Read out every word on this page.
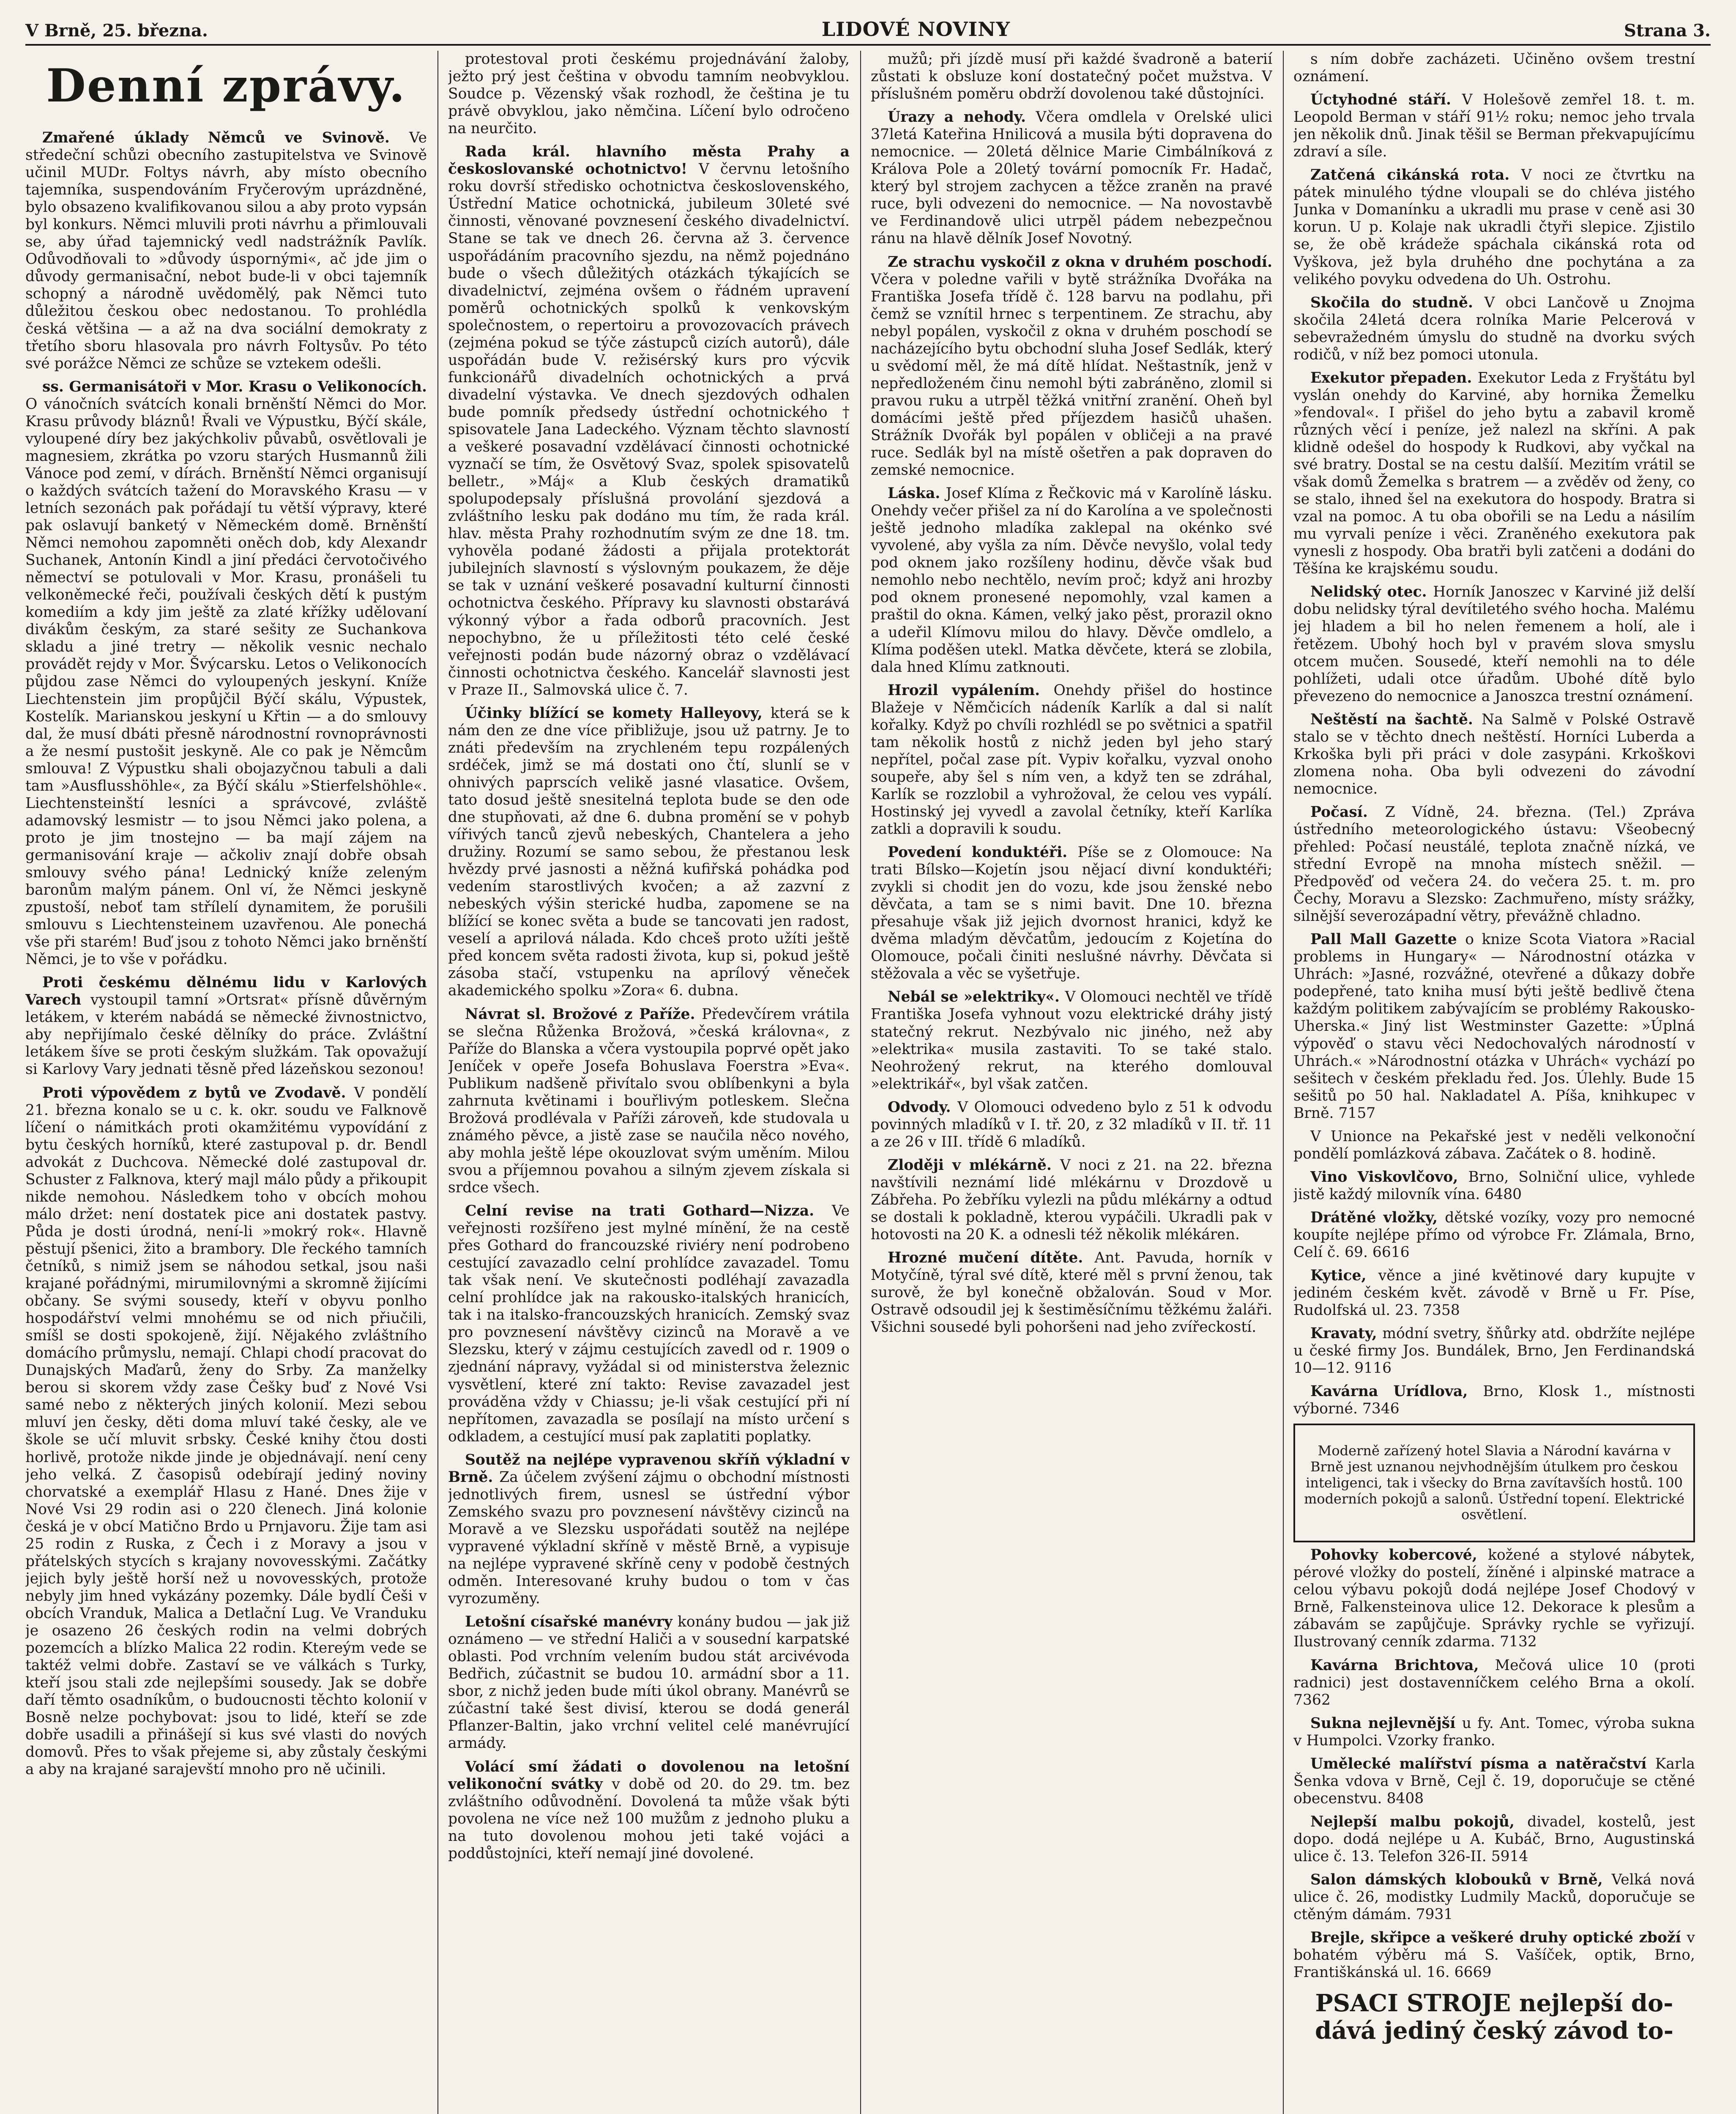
V Brně, 25. března.	LIDOVÉ NOVINY	Strana 3.
Denní zprávy.

Zmařené úklady Němců ve Svinově. Ve středeční schůzi obecního zastupitelstva ve Svinově učinil MUDr. Foltys návrh, aby místo obecního tajemníka, suspendováním Fryčerovým uprázdněné, bylo obsazeno kvalifikovanou silou a aby proto vypsán byl konkurs. Němci mluvili proti návrhu a přimlouvali se, aby úřad tajemnický vedl nadstrážník Pavlík. Odůvodňovali to »důvody úspornými«, ač jde jim o důvody germanisační, nebot bude-li v obci tajemník schopný a národně uvědomělý, pak Němci tuto důležitou českou obec nedostanou. To prohlédla česká většina — a až na dva sociální demokraty z třetího sboru hlasovala pro návrh Foltysův. Po této své porážce Němci ze schůze se vztekem odešli.

ss. Germanisátoři v Mor. Krasu o Velikonocích. O vánočních svátcích konali brněnští Němci do Mor. Krasu průvody bláznů! Řvali ve Výpustku, Býčí skále, vyloupené díry bez jakýchkoliv půvabů, osvětlovali je magnesiem, zkrátka po vzoru starých Husmannů žili Vánoce pod zemí, v dírách. Brněnští Němci organisují o každých svátcích tažení do Moravského Krasu — v letních sezonách pak pořádají tu větší výpravy, které pak oslavují banketý v Německém domě. Brněnští Němci nemohou zapomněti oněch dob, kdy Alexandr Suchanek, Antonín Kindl a jiní předáci červotočivého němectví se potulovali v Mor. Krasu, pronášeli tu velkoněmecké řeči, používali českých dětí k pustým komediím a kdy jim ještě za zlaté křížky udělovaní divákům českým, za staré sešity ze Suchankova skladu a jiné tretry — několik vesnic nechalo provádět rejdy v Mor. Švýcarsku. Letos o Velikonocích půjdou zase Němci do vyloupených jeskyní. Kníže Liechtenstein jim propůjčil Býčí skálu, Výpustek, Kostelík. Marianskou jeskyní u Křtin — a do smlouvy dal, že musí dbáti přesně národnostní rovnoprávnosti a že nesmí pustošit jeskyně. Ale co pak je Němcům smlouva! Z Výpustku shali obojazyčnou tabuli a dali tam »Ausflusshöhle«, za Býčí skálu »Stierfelshöhle«. Liechtensteinští lesníci a správcové, zvláště adamovský lesmistr — to jsou Němci jako polena, a proto je jim tnostejno — ba mají zájem na germanisování kraje — ačkoliv znají dobře obsah smlouvy svého pána! Lednický kníže zeleným baronům malým pánem. Onl ví, že Němci jeskyně zpustoší, neboť tam střílelí dynamitem, že porušili smlouvu s Liechtensteinem uzavřenou. Ale ponechá vše při starém! Buď jsou z tohoto Němci jako brněnští Němci, je to vše v pořádku.

Proti českému dělnému lidu v Karlových Varech vystoupil tamní »Ortsrat« přísně důvěrným letákem, v kterém nabádá se německé živnostnictvo, aby nepřijímalo české dělníky do práce. Zvláštní letákem šíve se proti českým služkám. Tak opovažují si Karlovy Vary jednati těsně před lázeňskou sezonou!

Proti výpovědem z bytů ve Zvodavě. V pondělí 21. března konalo se u c. k. okr. soudu ve Falknově líčení o námitkách proti okamžitému vypovídání z bytu českých horníků, které zastupoval p. dr. Bendl advokát z Duchcova. Německé dolé zastupoval dr. Schuster z Falknova, který majl málo půdy a přikoupit nikde nemohou. Následkem toho v obcích mohou málo držet: není dostatek pice ani dostatek pastvy. Půda je dosti úrodná, není-li »mokrý rok«. Hlavně pěstují pšenici, žito a brambory. Dle řeckého tamních četníků, s nimiž jsem se náhodou setkal, jsou naši krajané pořádnými, mirumilovnými a skromně žijícími občany. Se svými sousedy, kteří v obyvu ponlho hospodářství velmi mnohému se od nich přiučili, smíšl se dosti spokojeně, žijí. Nějakého zvláštního domácího průmyslu, nemají. Chlapi chodí pracovat do Dunajských Maďarů, ženy do Srby. Za manželky berou si skorem vždy zase Češky buď z Nové Vsi samé nebo z některých jiných kolonií. Mezi sebou mluví jen česky, děti doma mluví také česky, ale ve škole se učí mluvit srbsky. České knihy čtou dosti horlivě, protože nikde jinde je objednávají. není ceny jeho velká. Z časopisů odebírají jediný noviny chorvatské a exemplář Hlasu z Hané. Dnes žije v Nové Vsi 29 rodin asi o 220 členech. Jiná kolonie česká je v obcí Matično Brdo u Prnjavoru. Žije tam asi 25 rodin z Ruska, z Čech i z Moravy a jsou v přátelských stycích s krajany novovesskými. Začátky jejich byly ještě horší než u novovesských, protože nebyly jim hned vykázány pozemky. Dále bydlí Češi v obcích Vranduk, Malica a Detlační Lug. Ve Vranduku je osazeno 26 českých rodin na velmi dobrých pozemcích a blízko Malica 22 rodin. Ktereým vede se taktéž velmi dobře. Zastaví se ve válkách s Turky, kteří jsou stali zde nejlepšími sousedy. Jak se dobře daří těmto osadníkům, o budoucnosti těchto kolonií v Bosně nelze pochybovat: jsou to lidé, kteří se zde dobře usadili a přinášejí si kus své vlasti do nových domovů. Přes to však přejeme si, aby zůstaly českými a aby na krajané sarajevští mnoho pro ně učinili.

protestoval proti českému projednávání žaloby, ježto prý jest čeština v obvodu tamním neobvyklou. Soudce p. Vězenský však rozhodl, že čeština je tu právě obvyklou, jako němčina. Líčení bylo odročeno na neurčito.

Rada král. hlavního města Prahy a českoslovanské ochotnictvo! V červnu letošního roku dovrší středisko ochotnictva československého, Ústřední Matice ochotnická, jubileum 30leté své činnosti, věnované povznesení českého divadelnictví. Stane se tak ve dnech 26. června až 3. července uspořádáním pracovního sjezdu, na němž pojednáno bude o všech důležitých otázkách týkajících se divadelnictví, zejména ovšem o řádném upravení poměrů ochotnických spolků k venkovským společnostem, o repertoiru a provozovacích právech (zejména pokud se týče zástupců cizích autorů), dále uspořádán bude V. režisérský kurs pro výcvik funkcionářů divadelních ochotnických a prvá divadelní výstavka. Ve dnech sjezdových odhalen bude pomník předsedy ústřední ochotnického † spisovatele Jana Ladeckého. Význam těchto slavností a veškeré posavadní vzdělávací činnosti ochotnické vyznačí se tím, že Osvětový Svaz, spolek spisovatelů belletr., »Máj« a Klub českých dramatiků spolupodepsaly příslušná provolání sjezdová a zvláštního lesku pak dodáno mu tím, že rada král. hlav. města Prahy rozhodnutím svým ze dne 18. tm. vyhověla podané žádosti a přijala protektorát jubilejních slavností s výslovným poukazem, že děje se tak v uznání veškeré posavadní kulturní činnosti ochotnictva českého. Přípravy ku slavnosti obstarává výkonný výbor a řada odborů pracovních. Jest nepochybno, že u příležitosti této celé české veřejnosti podán bude názorný obraz o vzdělávací činnosti ochotnictva českého. Kancelář slavnosti jest v Praze II., Salmovská ulice č. 7.

Účinky blížící se komety Halleyovy, která se k nám den ze dne více přibližuje, jsou už patrny. Je to znáti především na zrychleném tepu rozpálených srdéček, jimž se má dostati ono čtí, slunlí se v ohnivých paprscích velikě jasné vlasatice. Ovšem, tato dosud ještě snesitelná teplota bude se den ode dne stupňovati, až dne 6. dubna promění se v pohyb vířivých tanců zjevů nebeských, Chantelera a jeho družiny. Rozumí se samo sebou, že přestanou lesk hvězdy prvé jasnosti a něžná kufiřská pohádka pod vedením starostlivých kvočen; a až zazvní z nebeských výšin sterické hudba, zapomene se na blížící se konec světa a bude se tancovati jen radost, veselí a aprilová nálada. Kdo chceš proto užíti ještě před koncem světa radosti života, kup si, pokud ještě zásoba stačí, vstupenku na aprílový věneček akademického spolku »Zora« 6. dubna.

Návrat sl. Brožové z Paříže. Předevčírem vrátila se slečna Růženka Brožová, »česká královna«, z Paříže do Blanska a včera vystoupila poprvé opět jako Jeníček v opeře Josefa Bohuslava Foerstra »Eva«. Publikum nadšeně přivítalo svou oblíbenkyni a byla zahrnuta květinami i bouřlivým potleskem. Slečna Brožová prodlévala v Paříži zároveň, kde studovala u známého pěvce, a jistě zase se naučila něco nového, aby mohla ještě lépe okouzlovat svým uměním. Milou svou a příjemnou povahou a silným zjevem získala si srdce všech.

Celní revise na trati Gothard—Nizza. Ve veřejnosti rozšířeno jest mylné mínění, že na cestě přes Gothard do francouzské riviéry není podrobeno cestující zavazadlo celní prohlídce zavazadel. Tomu tak však není. Ve skutečnosti podléhají zavazadla celní prohlídce jak na rakousko-italských hranicích, tak i na italsko-francouzských hranicích. Zemský svaz pro povznesení návštěvy cizinců na Moravě a ve Slezsku, který v zájmu cestujících zavedl od r. 1909 o zjednání nápravy, vyžádal si od ministerstva železnic vysvětlení, které zní takto: Revise zavazadel jest prováděna vždy v Chiassu; je-li však cestující při ní nepřítomen, zavazadla se posílají na místo určení s odkladem, a cestující musí pak zaplatiti poplatky.

Soutěž na nejlépe vypravenou skříň výkladní v Brně. Za účelem zvýšení zájmu o obchodní místnosti jednotlivých firem, usnesl se ústřední výbor Zemského svazu pro povznesení návštěvy cizinců na Moravě a ve Slezsku uspořádati soutěž na nejlépe vypravené výkladní skříně v městě Brně, a vypisuje na nejlépe vypravené skříně ceny v podobě čestných odměn. Interesované kruhy budou o tom v čas vyrozuměny.

Letošní císařské manévry konány budou — jak již oznámeno — ve střední Haliči a v sousední karpatské oblasti. Pod vrchním velením budou stát arcivévoda Bedřich, zúčastnit se budou 10. armádní sbor a 11. sbor, z nichž jeden bude míti úkol obrany. Manévrů se zúčastní také šest divisí, kterou se dodá generál Pflanzer-Baltin, jako vrchní velitel celé manévrující armády.

Volácí smí žádati o dovolenou na letošní velikonoční svátky v době od 20. do 29. tm. bez zvláštního odůvodnění. Dovolená ta může však býti povolena ne více než 100 mužům z jednoho pluku a na tuto dovolenou mohou jeti také vojáci a poddůstojníci, kteří nemají jiné dovolené.

mužů; při jízdě musí při každé švadroně a baterií zůstati k obsluze koní dostatečný počet mužstva. V příslušném poměru obdrží dovolenou také důstojníci.

Úrazy a nehody. Včera omdlela v Orelské ulici 37letá Kateřina Hnilicová a musila býti dopravena do nemocnice. — 20letá dělnice Marie Cimbálníková z Králova Pole a 20letý tovární pomocník Fr. Hadač, který byl strojem zachycen a těžce zraněn na pravé ruce, byli odvezeni do nemocnice. — Na novostavbě ve Ferdinandově ulici utrpěl pádem nebezpečnou ránu na hlavě dělník Josef Novotný.

Ze strachu vyskočil z okna v druhém poschodí. Včera v poledne vařili v bytě strážníka Dvořáka na Františka Josefa třídě č. 128 barvu na podlahu, při čemž se vznítil hrnec s terpentinem. Ze strachu, aby nebyl popálen, vyskočil z okna v druhém poschodí se nacházejícího bytu obchodní sluha Josef Sedlák, který u svědomí měl, že má dítě hlídat. Neštastník, jenž v nepředloženém činu nemohl býti zabráněno, zlomil si pravou ruku a utrpěl těžká vnitřní zranění. Oheň byl domácími ještě před příjezdem hasičů uhašen. Strážník Dvořák byl popálen v obličeji a na pravé ruce. Sedlák byl na místě ošetřen a pak dopraven do zemské nemocnice.

Láska. Josef Klíma z Řečkovic má v Karolíně lásku. Onehdy večer přišel za ní do Karolína a ve společnosti ještě jednoho mladíka zaklepal na okénko své vyvolené, aby vyšla za ním. Děvče nevyšlo, volal tedy pod oknem jako rozšíleny hodinu, děvče však bud nemohlo nebo nechtělo, nevím proč; když ani hrozby pod oknem pronesené nepomohly, vzal kamen a praštil do okna. Kámen, velký jako pěst, prorazil okno a udeřil Klímovu milou do hlavy. Děvče omdlelo, a Klíma poděšen utekl. Matka děvčete, která se zlobila, dala hned Klímu zatknouti.

Hrozil vypálením. Onehdy přišel do hostince Blažeje v Němčicích nádeník Karlík a dal si nalít kořalky. Když po chvíli rozhlédl se po světnici a spatřil tam několik hostů z nichž jeden byl jeho starý nepřítel, počal zase pít. Vypiv kořalku, vyzval onoho soupeře, aby šel s ním ven, a když ten se zdráhal, Karlík se rozzlobil a vyhrožoval, že celou ves vypálí. Hostinský jej vyvedl a zavolal četníky, kteří Karlíka zatkli a dopravili k soudu.

Povedení konduktéři. Píše se z Olomouce: Na trati Bílsko—Kojetín jsou nějací divní konduktéři; zvykli si chodit jen do vozu, kde jsou ženské nebo děvčata, a tam se s nimi bavit. Dne 10. března přesahuje však již jejich dvornost hranici, když ke dvěma mladým děvčatům, jedoucím z Kojetína do Olomouce, počali činiti neslušné návrhy. Děvčata si stěžovala a věc se vyšetřuje.

Nebál se »elektriky«. V Olomouci nechtěl ve třídě Františka Josefa vyhnout vozu elektrické dráhy jistý statečný rekrut. Nezbývalo nic jiného, než aby »elektrika« musila zastaviti. To se také stalo. Neohrožený rekrut, na kterého domlouval »elektrikář«, byl však zatčen.

Odvody. V Olomouci odvedeno bylo z 51 k odvodu povinných mladíků v I. tř. 20, z 32 mladíků v II. tř. 11 a ze 26 v III. třídě 6 mladíků.

Zloději v mlékárně. V noci z 21. na 22. března navštívili neznámí lidé mlékárnu v Drozdově u Zábřeha. Po žebříku vylezli na půdu mlékárny a odtud se dostali k pokladně, kterou vypáčili. Ukradli pak v hotovosti na 20 K. a odnesli též několik mlékáren.

Hrozné mučení dítěte. Ant. Pavuda, horník v Motyčíně, týral své dítě, které měl s první ženou, tak surově, že byl konečně obžalován. Soud v Mor. Ostravě odsoudil jej k šestiměsíčnímu těžkému žaláři. Všichni sousedé byli pohoršeni nad jeho zvířeckostí.

s ním dobře zacházeti. Učiněno ovšem trestní oznámení.

Úctyhodné stáří. V Holešově zemřel 18. t. m. Leopold Berman v stáří 91½ roku; nemoc jeho trvala jen několik dnů. Jinak těšil se Berman překvapujícímu zdraví a síle.

Zatčená cikánská rota. V noci ze čtvrtku na pátek minulého týdne vloupali se do chléva jistého Junka v Domanínku a ukradli mu prase v ceně asi 30 korun. U p. Kolaje nak ukradli čtyři slepice. Zjistilo se, že obě krádeže spáchala cikánská rota od Vyškova, jež byla druhého dne pochytána a za velikého povyku odvedena do Uh. Ostrohu.

Skočila do studně. V obci Lančově u Znojma skočila 24letá dcera rolníka Marie Pelcerová v sebevražedném úmyslu do studně na dvorku svých rodičů, v níž bez pomoci utonula.

Exekutor přepaden. Exekutor Leda z Fryštátu byl vyslán onehdy do Karviné, aby hornika Žemelku »fendoval«. I přišel do jeho bytu a zabavil kromě různých věcí i peníze, jež nalezl na skříni. A pak klidně odešel do hospody k Rudkovi, aby vyčkal na své bratry. Dostal se na cestu dalšíí. Mezitím vrátil se však domů Žemelka s bratrem — a zvěděv od ženy, co se stalo, ihned šel na exekutora do hospody. Bratra si vzal na pomoc. A tu oba obořili se na Ledu a násilím mu vyrvali peníze i věci. Zraněného exekutora pak vynesli z hospody. Oba bratři byli zatčeni a dodáni do Těšína ke krajskému soudu.

Nelidský otec. Horník Janoszec v Karviné již delší dobu nelidsky týral devítiletého svého hocha. Malému jej hladem a bil ho nelen řemenem a holí, ale i řetězem. Ubohý hoch byl v pravém slova smyslu otcem mučen. Sousedé, kteří nemohli na to déle pohlížeti, udali otce úřadům. Ubohé dítě bylo převezeno do nemocnice a Janoszca trestní oznámení.

Neštěstí na šachtě. Na Salmě v Polské Ostravě stalo se v těchto dnech neštěstí. Horníci Luberda a Krkoška byli při práci v dole zasypáni. Krkoškovi zlomena noha. Oba byli odvezeni do závodní nemocnice.

Počasí. Z Vídně, 24. března. (Tel.) Zpráva ústředního meteorologického ústavu: Všeobecný přehled: Počasí neustálé, teplota značně nízká, ve střední Evropě na mnoha místech sněžil. — Předpověď od večera 24. do večera 25. t. m. pro Čechy, Moravu a Slezsko: Zachmuřeno, místy srážky, silnější severozápadní větry, převážně chladno.

Pall Mall Gazette o knize Scota Viatora »Racial problems in Hungary« — Národnostní otázka v Uhrách: »Jasné, rozvážné, otevřené a důkazy dobře podepřené, tato kniha musí býti ještě bedlivě čtena každým politikem zabývajícím se problémy Rakousko-Uherska.« Jiný list Westminster Gazette: »Úplná výpověď o stavu věci Nedochovalých národností v Uhrách.« »Národnostní otázka v Uhrách« vychází po sešitech v českém překladu řed. Jos. Úlehly. Bude 15 sešitů po 50 hal. Nakladatel A. Píša, knihkupec v Brně. 7157

V Unionce na Pekařské jest v neděli velkonoční pondělí pomlázková zábava. Začátek o 8. hodině.

Vino Viskovlčovo, Brno, Solniční ulice, vyhlede jistě každý milovník vína. 6480

Drátěné vložky, dětské vozíky, vozy pro nemocné koupíte nejlépe přímo od výrobce Fr. Zlámala, Brno, Celí č. 69. 6616

Kytice, věnce a jiné květinové dary kupujte v jediném českém květ. závodě v Brně u Fr. Píse, Rudolfská ul. 23. 7358

Kravaty, módní svetry, šňůrky atd. obdržíte nejlépe u české firmy Jos. Bundálek, Brno, Jen Ferdinandská 10—12. 9116

Kavárna Urídlova, Brno, Klosk 1., místnosti výborné. 7346

Moderně zařízený hotel Slavia a Národní kavárna v Brně jest uznanou nejvhodnějším útulkem pro českou inteligenci, tak i všecky do Brna zavítavších hostů. 100 moderních pokojů a salonů. Ústřední topení. Elektrické osvětlení.

Pohovky kobercové, kožené a stylové nábytek, pérové vložky do postelí, žíněné i alpinské matrace a celou výbavu pokojů dodá nejlépe Josef Chodový v Brně, Falkensteinova ulice 12. Dekorace k plesům a zábavám se zapůjčuje. Správky rychle se vyřizují. Ilustrovaný cenník zdarma. 7132

Kavárna Brichtova, Mečová ulice 10 (proti radnici) jest dostavenníčkem celého Brna a okolí. 7362

Sukna nejlevnější u fy. Ant. Tomec, výroba sukna v Humpolci. Vzorky franko.

Umělecké malířství písma a natěračství Karla Šenka vdova v Brně, Cejl č. 19, doporučuje se ctěné obecenstvu. 8408

Nejlepší malbu pokojů, divadel, kostelů, jest dopo. dodá nejlépe u A. Kubáč, Brno, Augustinská ulice č. 13. Telefon 326-II. 5914

Salon dámských klobouků v Brně, Velká nová ulice č. 26, modistky Ludmily Macků, doporučuje se ctěným dámám. 7931

Brejle, skřipce a veškeré druhy optické zboží v bohatém výběru má S. Vašíček, optik, Brno, Františkánská ul. 16. 6669

PSACI STROJE nejlepší do-
dává jediný český závod to-
